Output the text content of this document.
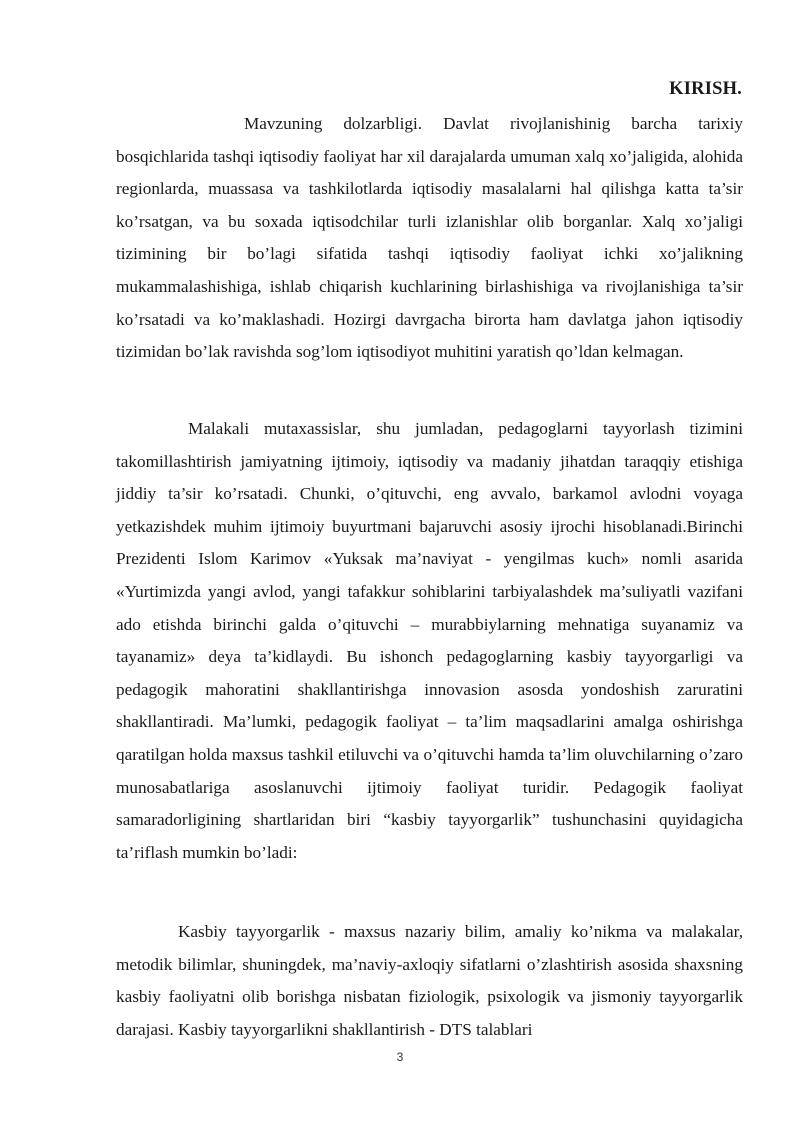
KIRISH.

Mavzuning dolzarbligi. Davlat rivojlanishinig barcha tarixiy bosqichlarida tashqi iqtisodiy faoliyat har xil darajalarda umuman xalq xo’jaligida, alohida regionlarda, muassasa va tashkilotlarda iqtisodiy masalalarni hal qilishga katta ta’sir ko’rsatgan, va bu soxada iqtisodchilar turli izlanishlar olib borganlar. Xalq xo’jaligi tizimining bir bo’lagi sifatida tashqi iqtisodiy faoliyat ichki xo’jalikning mukammalashishiga, ishlab chiqarish kuchlarining birlashishiga va rivojlanishiga ta’sir ko’rsatadi va ko’maklashadi. Hozirgi davrgacha birorta ham davlatga jahon iqtisodiy tizimidan bo’lak ravishda sog’lom iqtisodiyot muhitini yaratish qo’ldan kelmagan.

Malakali mutaxassislar, shu jumladan, pedagoglarni tayyorlash tizimini takomillashtirish jamiyatning ijtimoiy, iqtisodiy va madaniy jihatdan taraqqiy etishiga jiddiy ta’sir ko’rsatadi. Chunki, o’qituvchi, eng avvalo, barkamol avlodni voyaga yetkazishdek muhim ijtimoiy buyurtmani bajaruvchi asosiy ijrochi hisoblanadi.Birinchi Prezidenti Islom Karimov «Yuksak ma’naviyat - yengilmas kuch» nomli asarida «Yurtimizda yangi avlod, yangi tafakkur sohiblarini tarbiyalashdek ma’suliyatli vazifani ado etishda birinchi galda o’qituvchi – murabbiylarning mehnatiga suyanamiz va tayanamiz» deya ta’kidlaydi. Bu ishonch pedagoglarning kasbiy tayyorgarligi va pedagogik mahoratini shakllantirishga innovasion asosda yondoshish zaruratini shakllantiradi. Ma’lumki, pedagogik faoliyat – ta’lim maqsadlarini amalga oshirishga qaratilgan holda maxsus tashkil etiluvchi va o’qituvchi hamda ta’lim oluvchilarning o’zaro munosabatlariga asoslanuvchi ijtimoiy faoliyat turidir. Pedagogik faoliyat samaradorligining shartlaridan biri “kasbiy tayyorgarlik” tushunchasini quyidagicha ta’riflash mumkin bo’ladi:

Kasbiy tayyorgarlik - maxsus nazariy bilim, amaliy ko’nikma va malakalar, metodik bilimlar, shuningdek, ma’naviy-axloqiy sifatlarni o’zlashtirish asosida shaxsning kasbiy faoliyatni olib borishga nisbatan fiziologik, psixologik va jismoniy tayyorgarlik darajasi. Kasbiy tayyorgarlikni shakllantirish - DTS talablari

3
